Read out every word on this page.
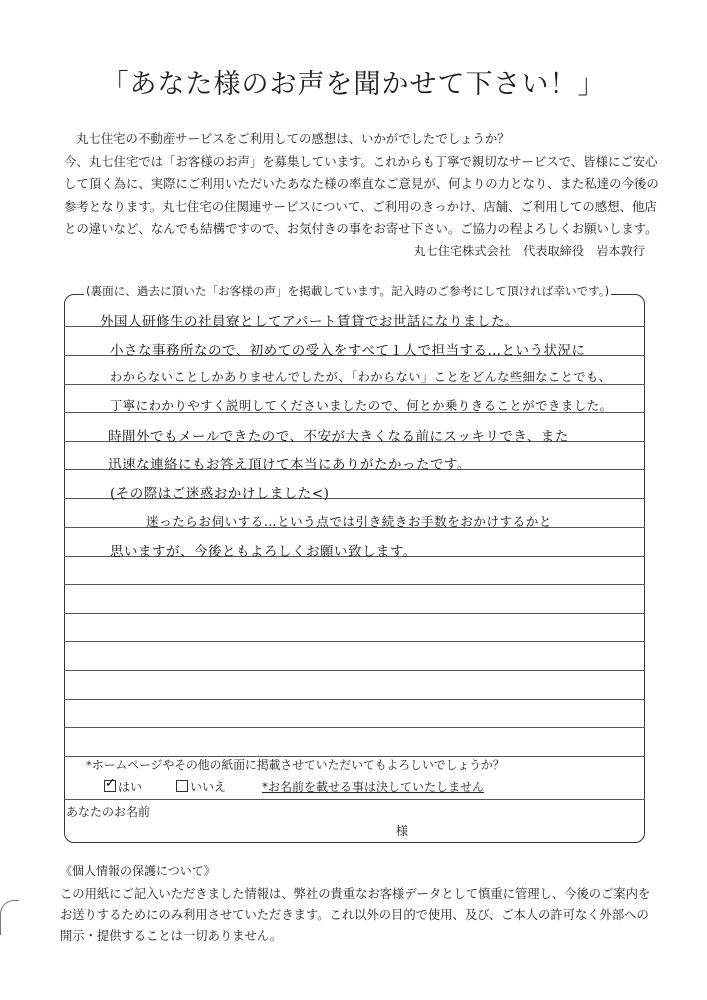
「あなた様のお声を聞かせて下さい！」

丸七住宅の不動産サービスをご利用しての感想は、いかがでしたでしょうか？

今、丸七住宅では「お客様のお声」を募集しています。これからも丁寧で親切なサービスで、皆様にご安心

して頂く為に、実際にご利用いただいたあなた様の率直なご意見が、何よりの力となり、また私達の今後の

参考となります。丸七住宅の住関連サービスについて、ご利用のきっかけ、店舗、ご利用しての感想、他店

との違いなど、なんでも結構ですので、お気付きの事をお寄せ下さい。ご協力の程よろしくお願いします。

丸七住宅株式会社　代表取締役　岩本敦行
(裏面に、過去に頂いた「お客様の声」を掲載しています。記入時のご参考にして頂ければ幸いです。)
外国人研修生の社員寮としてアパート賃貸でお世話になりました。
小さな事務所なので、初めての受入をすべて１人で担当する…という状況に
わからないことしかありませんでしたが、「わからない」ことをどんな些細なことでも、
丁寧にわかりやすく説明してくださいましたので、何とか乗りきることができました。
時間外でもメールできたので、不安が大きくなる前にスッキリでき、また
迅速な連絡にもお答え頂けて本当にありがたかったです。
(その際はご迷惑おかけしました<)
迷ったらお伺いする…という点では引き続きお手数をおかけするかと
思いますが、今後ともよろしくお願い致します。
*ホームページやその他の紙面に掲載させていただいてもよろしいでしょうか？
✓ はい	いいえ	*お名前を載せる事は決していたしません
あなたのお名前
様
《個人情報の保護について》

この用紙にご記入いただきました情報は、弊社の貴重なお客様データとして慎重に管理し、今後のご案内を

お送りするためにのみ利用させていただきます。これ以外の目的で使用、及び、ご本人の許可なく外部への

開示・提供することは一切ありません。
